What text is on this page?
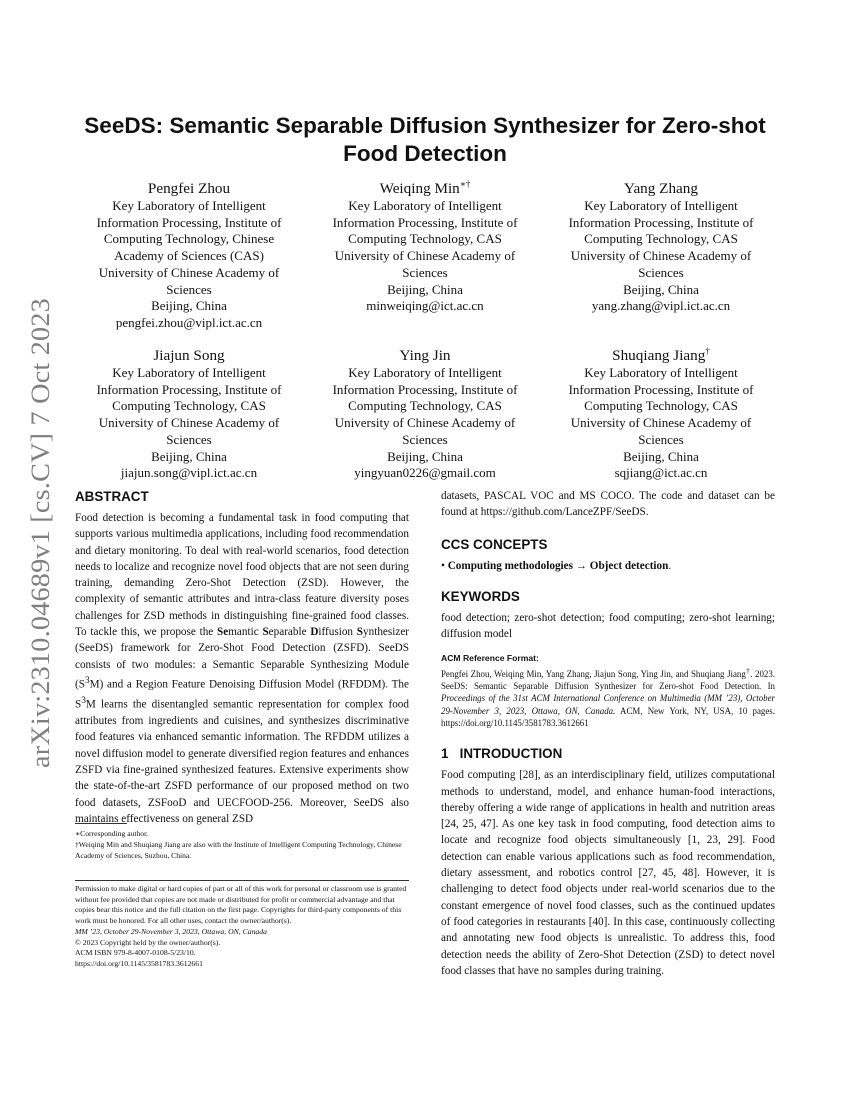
arXiv:2310.04689v1 [cs.CV] 7 Oct 2023
SeeDS: Semantic Separable Diffusion Synthesizer for Zero-shot Food Detection
Pengfei Zhou
Key Laboratory of Intelligent
Information Processing, Institute of
Computing Technology, Chinese
Academy of Sciences (CAS)
University of Chinese Academy of
Sciences
Beijing, China
pengfei.zhou@vipl.ict.ac.cn
Weiqing Min∗†
Key Laboratory of Intelligent
Information Processing, Institute of
Computing Technology, CAS
University of Chinese Academy of
Sciences
Beijing, China
minweiqing@ict.ac.cn
Yang Zhang
Key Laboratory of Intelligent
Information Processing, Institute of
Computing Technology, CAS
University of Chinese Academy of
Sciences
Beijing, China
yang.zhang@vipl.ict.ac.cn
Jiajun Song
Key Laboratory of Intelligent
Information Processing, Institute of
Computing Technology, CAS
University of Chinese Academy of
Sciences
Beijing, China
jiajun.song@vipl.ict.ac.cn
Ying Jin
Key Laboratory of Intelligent
Information Processing, Institute of
Computing Technology, CAS
University of Chinese Academy of
Sciences
Beijing, China
yingyuan0226@gmail.com
Shuqiang Jiang†
Key Laboratory of Intelligent
Information Processing, Institute of
Computing Technology, CAS
University of Chinese Academy of
Sciences
Beijing, China
sqjiang@ict.ac.cn
ABSTRACT

Food detection is becoming a fundamental task in food computing that supports various multimedia applications, including food recommendation and dietary monitoring. To deal with real-world scenarios, food detection needs to localize and recognize novel food objects that are not seen during training, demanding Zero-Shot Detection (ZSD). However, the complexity of semantic attributes and intra-class feature diversity poses challenges for ZSD methods in distinguishing fine-grained food classes. To tackle this, we propose the Semantic Separable Diffusion Synthesizer (SeeDS) framework for Zero-Shot Food Detection (ZSFD). SeeDS consists of two modules: a Semantic Separable Synthesizing Module $(S^3M)$ and a Region Feature Denoising Diffusion Model (RFDDM). The $S^3M$ learns the disentangled semantic representation for complex food attributes from ingredients and cuisines, and synthesizes discriminative food features via enhanced semantic information. The RFDDM utilizes a novel diffusion model to generate diversified region features and enhances ZSFD via fine-grained synthesized features. Extensive experiments show the state-of-the-art ZSFD performance of our proposed method on two food datasets, ZSFooD and UECFOOD-256. Moreover, SeeDS also maintains effectiveness on general ZSD

∗Corresponding author.
†Weiqing Min and Shuqiang Jiang are also with the Institute of Intelligent Computing Technology, Chinese Academy of Sciences, Suzhou, China.
Permission to make digital or hard copies of part or all of this work for personal or classroom use is granted without fee provided that copies are not made or distributed for profit or commercial advantage and that copies bear this notice and the full citation on the first page. Copyrights for third-party components of this work must be honored. For all other uses, contact the owner/author(s).
MM ’23, October 29-November 3, 2023, Ottawa, ON, Canada
© 2023 Copyright held by the owner/author(s).
ACM ISBN 979-8-4007-0108-5/23/10.
https://doi.org/10.1145/3581783.3612661

datasets, PASCAL VOC and MS COCO. The code and dataset can be found at https://github.com/LanceZPF/SeeDS.

CCS CONCEPTS

• Computing methodologies → Object detection.

KEYWORDS

food detection; zero-shot detection; food computing; zero-shot learning; diffusion model

ACM Reference Format:

Pengfei Zhou, Weiqing Min, Yang Zhang, Jiajun Song, Ying Jin, and Shuqiang Jiang†. 2023. SeeDS: Semantic Separable Diffusion Synthesizer for Zero-shot Food Detection. In Proceedings of the 31st ACM International Conference on Multimedia (MM ’23), October 29-November 3, 2023, Ottawa, ON, Canada. ACM, New York, NY, USA, 10 pages. https://doi.org/10.1145/3581783.3612661

1   INTRODUCTION

Food computing [28], as an interdisciplinary field, utilizes computational methods to understand, model, and enhance human-food interactions, thereby offering a wide range of applications in health and nutrition areas [24, 25, 47]. As one key task in food computing, food detection aims to locate and recognize food objects simultaneously [1, 23, 29]. Food detection can enable various applications such as food recommendation, dietary assessment, and robotics control [27, 45, 48]. However, it is challenging to detect food objects under real-world scenarios due to the constant emergence of novel food classes, such as the continued updates of food categories in restaurants [40]. In this case, continuously collecting and annotating new food objects is unrealistic. To address this, food detection needs the ability of Zero-Shot Detection (ZSD) to detect novel food classes that have no samples during training.
